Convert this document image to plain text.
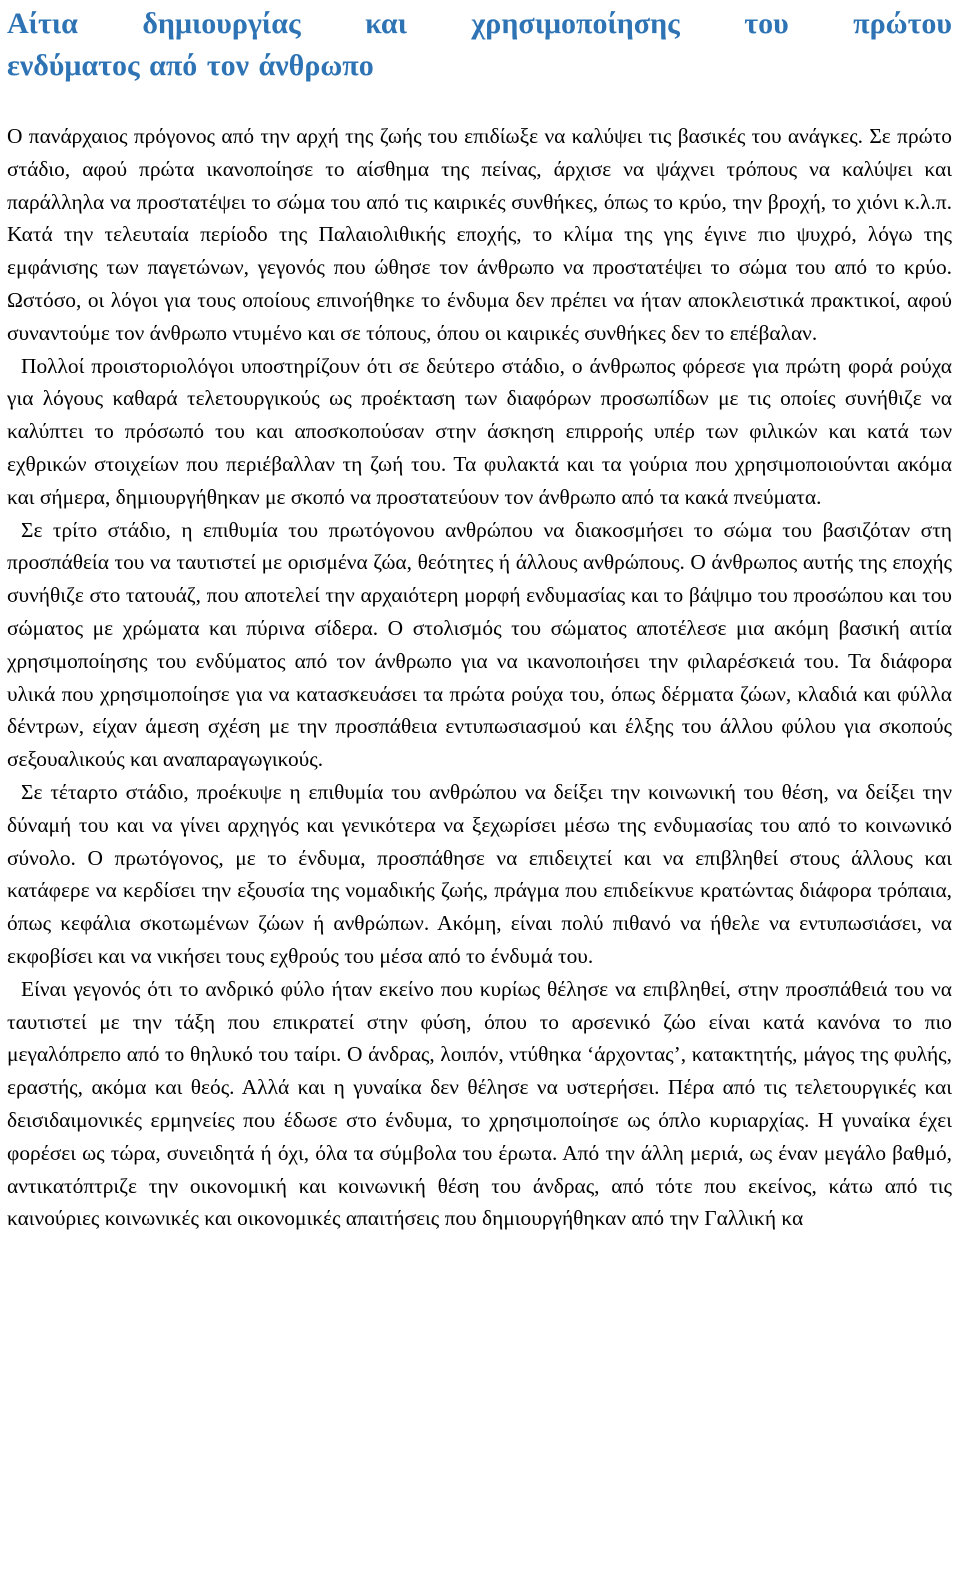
Αίτια δημιουργίας και χρησιμοποίησης του πρώτου
ενδύματος από τον άνθρωπο

Ο πανάρχαιος πρόγονος από την αρχή της ζωής του επιδίωξε να καλύψει τις βασικές του ανάγκες. Σε πρώτο στάδιο, αφού πρώτα ικανοποίησε το αίσθημα της πείνας, άρχισε να ψάχνει τρόπους να καλύψει και παράλληλα να προστατέψει το σώμα του από τις καιρικές συνθήκες, όπως το κρύο, την βροχή, το χιόνι κ.λ.π. Κατά την τελευταία περίοδο της Παλαιολιθικής εποχής, το κλίμα της γης έγινε πιο ψυχρό, λόγω της εμφάνισης των παγετώνων, γεγονός που ώθησε τον άνθρωπο να προστατέψει το σώμα του από το κρύο. Ωστόσο, οι λόγοι για τους οποίους επινοήθηκε το ένδυμα δεν πρέπει να ήταν αποκλειστικά πρακτικοί, αφού συναντούμε τον άνθρωπο ντυμένο και σε τόπους, όπου οι καιρικές συνθήκες δεν το επέβαλαν.

Πολλοί προιστοριολόγοι υποστηρίζουν ότι σε δεύτερο στάδιο, ο άνθρωπος φόρεσε για πρώτη φορά ρούχα για λόγους καθαρά τελετουργικούς ως προέκταση των διαφόρων προσωπίδων με τις οποίες συνήθιζε να καλύπτει το πρόσωπό του και αποσκοπούσαν στην άσκηση επιρροής υπέρ των φιλικών και κατά των εχθρικών στοιχείων που περιέβαλλαν τη ζωή του. Τα φυλακτά και τα γούρια που χρησιμοποιούνται ακόμα και σήμερα, δημιουργήθηκαν με σκοπό να προστατεύουν τον άνθρωπο από τα κακά πνεύματα.

Σε τρίτο στάδιο, η επιθυμία του πρωτόγονου ανθρώπου να διακοσμήσει το σώμα του βασιζόταν στη προσπάθεία του να ταυτιστεί με ορισμένα ζώα, θεότητες ή άλλους ανθρώπους. Ο άνθρωπος αυτής της εποχής συνήθιζε στο τατουάζ, που αποτελεί την αρχαιότερη μορφή ενδυμασίας και το βάψιμο του προσώπου και του σώματος με χρώματα και πύρινα σίδερα. Ο στολισμός του σώματος αποτέλεσε μια ακόμη βασική αιτία χρησιμοποίησης του ενδύματος από τον άνθρωπο για να ικανοποιήσει την φιλαρέσκειά του. Τα διάφορα υλικά που χρησιμοποίησε για να κατασκευάσει τα πρώτα ρούχα του, όπως δέρματα ζώων, κλαδιά και φύλλα δέντρων, είχαν άμεση σχέση με την προσπάθεια εντυπωσιασμού και έλξης του άλλου φύλου για σκοπούς σεξουαλικούς και αναπαραγωγικούς.

Σε τέταρτο στάδιο, προέκυψε η επιθυμία του ανθρώπου να δείξει την κοινωνική του θέση, να δείξει την δύναμή του και να γίνει αρχηγός και γενικότερα να ξεχωρίσει μέσω της ενδυμασίας του από το κοινωνικό σύνολο. Ο πρωτόγονος, με το ένδυμα, προσπάθησε να επιδειχτεί και να επιβληθεί στους άλλους και κατάφερε να κερδίσει την εξουσία της νομαδικής ζωής, πράγμα που επιδείκνυε κρατώντας διάφορα τρόπαια, όπως κεφάλια σκοτωμένων ζώων ή ανθρώπων. Ακόμη, είναι πολύ πιθανό να ήθελε να εντυπωσιάσει, να εκφοβίσει και να νικήσει τους εχθρούς του μέσα από το ένδυμά του.

Είναι γεγονός ότι το ανδρικό φύλο ήταν εκείνο που κυρίως θέλησε να επιβληθεί, στην προσπάθειά του να ταυτιστεί με την τάξη που επικρατεί στην φύση, όπου το αρσενικό ζώο είναι κατά κανόνα το πιο μεγαλόπρεπο από το θηλυκό του ταίρι. Ο άνδρας, λοιπόν, ντύθηκα ‘άρχοντας’, κατακτητής, μάγος της φυλής, εραστής, ακόμα και θεός. Αλλά και η γυναίκα δεν θέλησε να υστερήσει. Πέρα από τις τελετουργικές και δεισιδαιμονικές ερμηνείες που έδωσε στο ένδυμα, το χρησιμοποίησε ως όπλο κυριαρχίας. Η γυναίκα έχει φορέσει ως τώρα, συνειδητά ή όχι, όλα τα σύμβολα του έρωτα. Από την άλλη μεριά, ως έναν μεγάλο βαθμό, αντικατόπτριζε την οικονομική και κοινωνική θέση του άνδρας, από τότε που εκείνος, κάτω από τις καινούριες κοινωνικές και οικονομικές απαιτήσεις που δημιουργήθηκαν από την Γαλλική κα
